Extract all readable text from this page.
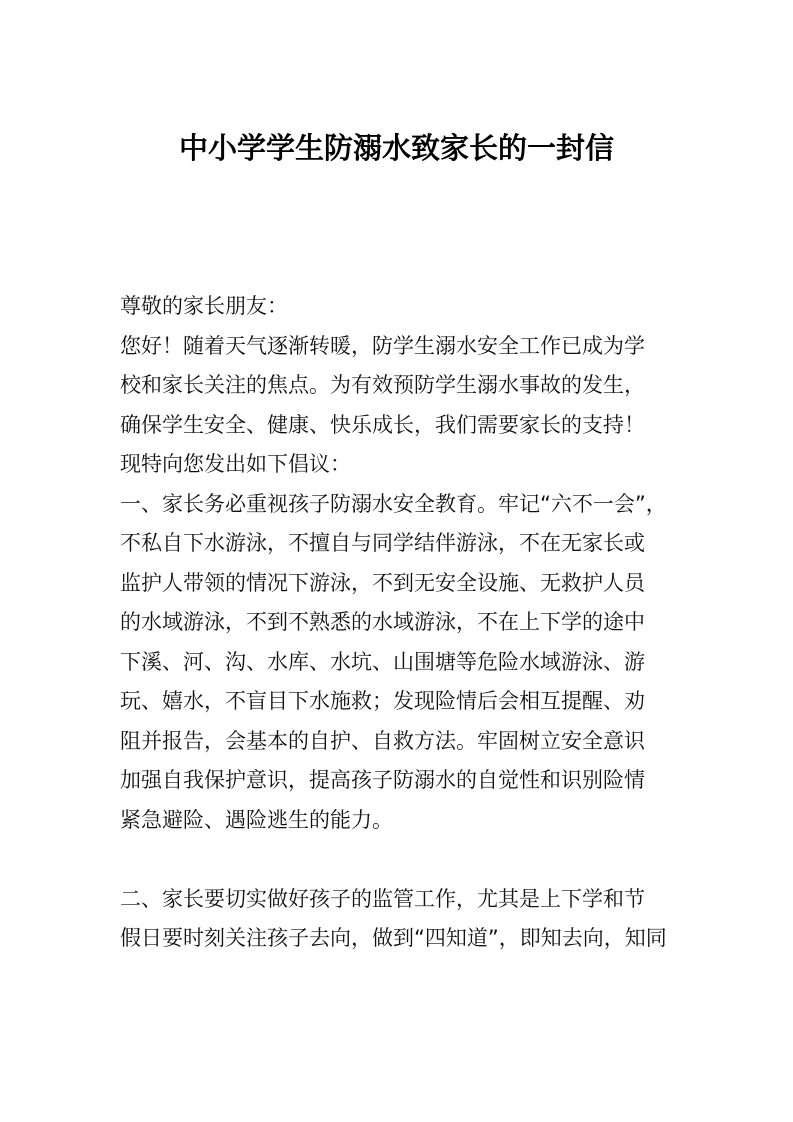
中小学学生防溺水致家长的一封信
尊敬的家长朋友：
您好！随着天气逐渐转暖，防学生溺水安全工作已成为学
校和家长关注的焦点。为有效预防学生溺水事故的发生，
确保学生安全、健康、快乐成长，我们需要家长的支持！
现特向您发出如下倡议：
一、家长务必重视孩子防溺水安全教育。牢记“六不一会”，
不私自下水游泳，不擅自与同学结伴游泳，不在无家长或
监护人带领的情况下游泳，不到无安全设施、无救护人员
的水域游泳，不到不熟悉的水域游泳，不在上下学的途中
下溪、河、沟、水库、水坑、山围塘等危险水域游泳、游
玩、嬉水，不盲目下水施救；发现险情后会相互提醒、劝
阻并报告，会基本的自护、自救方法。牢固树立安全意识
加强自我保护意识，提高孩子防溺水的自觉性和识别险情
紧急避险、遇险逃生的能力。
二、家长要切实做好孩子的监管工作，尤其是上下学和节
假日要时刻关注孩子去向，做到“四知道”，即知去向，知同
